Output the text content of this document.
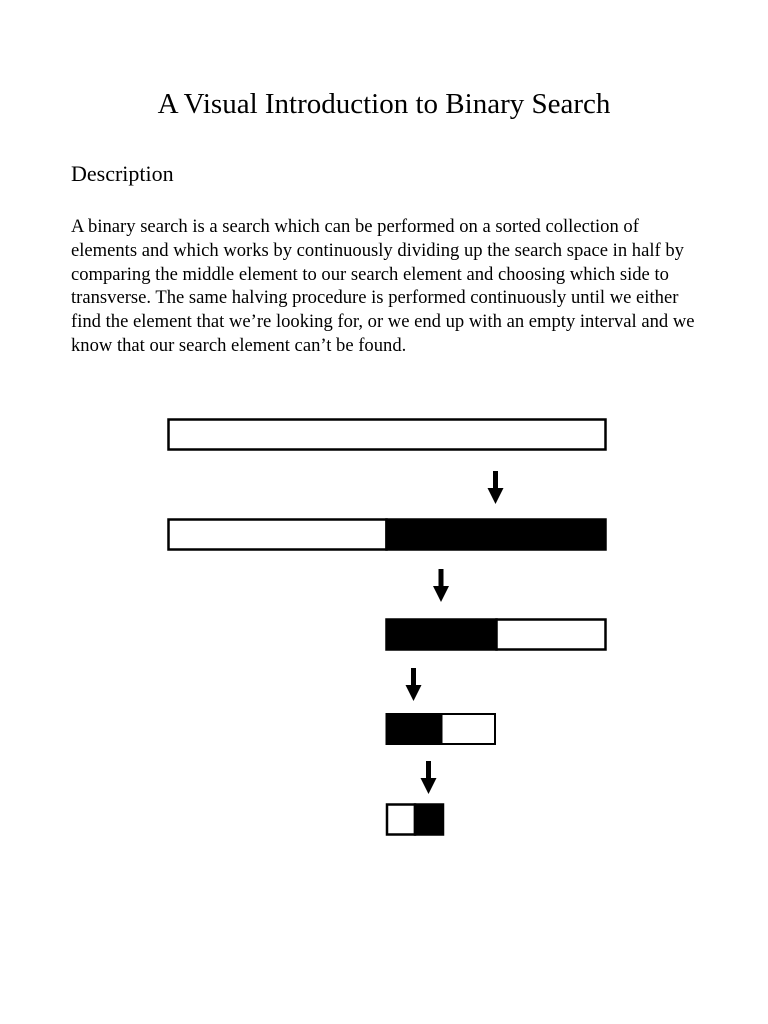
A Visual Introduction to Binary Search
Description

A binary search is a search which can be performed on a sorted collection of elements and which works by continuously dividing up the search space in half by comparing the middle element to our search element and choosing which side to transverse. The same halving procedure is performed continuously until we either find the element that we’re looking for, or we end up with an empty interval and we know that our search element can’t be found.
